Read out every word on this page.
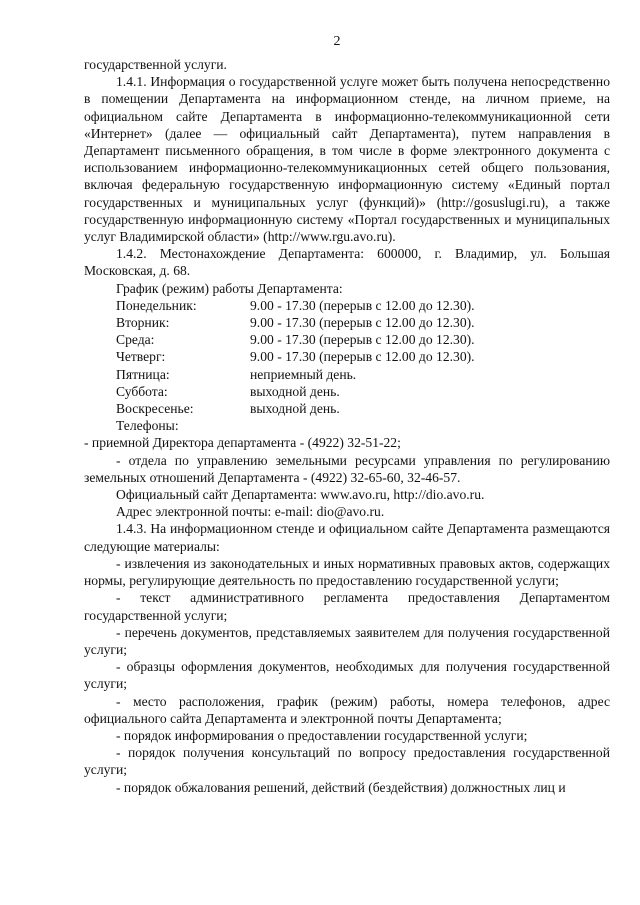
2

государственной услуги.

1.4.1. Информация о государственной услуге может быть получена непосредственно в помещении Департамента на информационном стенде, на личном приеме, на официальном сайте Департамента в информационно-телекоммуникационной сети «Интернет» (далее — официальный сайт Департамента), путем направления в Департамент письменного обращения, в том числе в форме электронного документа с использованием информационно-телекоммуникационных сетей общего пользования, включая федеральную государственную информационную систему «Единый портал государственных и муниципальных услуг (функций)» (http://gosuslugi.ru), а также государственную информационную систему «Портал государственных и муниципальных услуг Владимирской области» (http://www.rgu.avo.ru).

1.4.2. Местонахождение Департамента: 600000, г. Владимир, ул. Большая Московская, д. 68.

График (режим) работы Департамента:

Понедельник:	9.00 - 17.30 (перерыв с 12.00 до 12.30).
Вторник:	9.00 - 17.30 (перерыв с 12.00 до 12.30).
Среда:	9.00 - 17.30 (перерыв с 12.00 до 12.30).
Четверг:	9.00 - 17.30 (перерыв с 12.00 до 12.30).
Пятница:	неприемный день.
Суббота:	выходной день.
Воскресенье:	выходной день.

Телефоны:

- приемной Директора департамента - (4922) 32-51-22;

- отдела по управлению земельными ресурсами управления по регулированию земельных отношений Департамента - (4922) 32-65-60, 32-46-57.

Официальный сайт Департамента: www.avo.ru, http://dio.avo.ru.

Адрес электронной почты: e-mail: dio@avo.ru.

1.4.3. На информационном стенде и официальном сайте Департамента размещаются следующие материалы:

- извлечения из законодательных и иных нормативных правовых актов, содержащих нормы, регулирующие деятельность по предоставлению государственной услуги;

- текст административного регламента предоставления Департаментом государственной услуги;

- перечень документов, представляемых заявителем для получения государственной услуги;

- образцы оформления документов, необходимых для получения государственной услуги;

- место расположения, график (режим) работы, номера телефонов, адрес официального сайта Департамента и электронной почты Департамента;

- порядок информирования о предоставлении государственной услуги;

- порядок получения консультаций по вопросу предоставления государственной услуги;

- порядок обжалования решений, действий (бездействия) должностных лиц и
